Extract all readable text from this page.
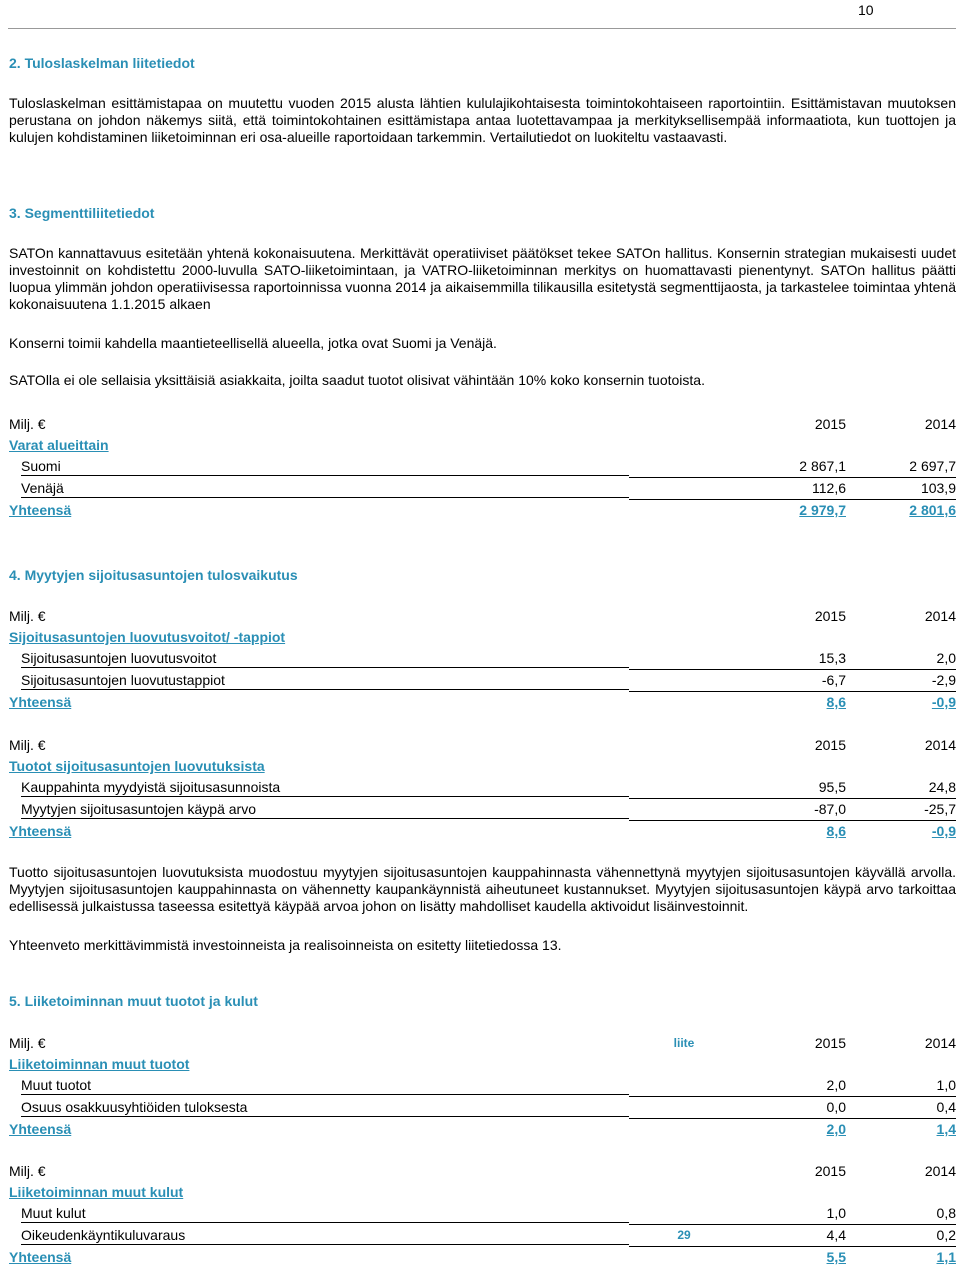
10
2. Tuloslaskelman liitetiedot

Tuloslaskelman esittämistapaa on muutettu vuoden 2015 alusta lähtien kululajikohtaisesta toimintokohtaiseen raportointiin. Esittämistavan muutoksen perustana on johdon näkemys siitä, että toimintokohtainen esittämistapa antaa luotettavampaa ja merkityksellisempää informaatiota, kun tuottojen ja kulujen kohdistaminen liiketoiminnan eri osa-alueille raportoidaan tarkemmin. Vertailutiedot on luokiteltu vastaavasti.

3. Segmenttiliitetiedot

SATOn kannattavuus esitetään yhtenä kokonaisuutena. Merkittävät operatiiviset päätökset tekee SATOn hallitus. Konsernin strategian mukaisesti uudet investoinnit on kohdistettu 2000-luvulla SATO-liiketoimintaan, ja VATRO-liiketoiminnan merkitys on huomattavasti pienentynyt. SATOn hallitus päätti luopua ylimmän johdon operatiivisessa raportoinnissa vuonna 2014 ja aikaisemmilla tilikausilla esitetystä segmenttijaosta, ja tarkastelee toimintaa yhtenä kokonaisuutena 1.1.2015 alkaen

Konserni toimii kahdella maantieteellisellä alueella, jotka ovat Suomi ja Venäjä.

SATOlla ei ole sellaisia yksittäisiä asiakkaita, joilta saadut tuotot olisivat vähintään 10% koko konsernin tuotoista.

Milj. €		2015	2014
Varat alueittain			

Suomi		2 867,1	2 697,7

Venäjä		112,6	103,9
Yhteensä		2 979,7	2 801,6
4. Myytyjen sijoitusasuntojen tulosvaikutus
Milj. €		2015	2014
Sijoitusasuntojen luovutusvoitot/ -tappiot			

Sijoitusasuntojen luovutusvoitot		15,3	2,0

Sijoitusasuntojen luovutustappiot		-6,7	-2,9
Yhteensä		8,6	-0,9
Milj. €		2015	2014
Tuotot sijoitusasuntojen luovutuksista			

Kauppahinta myydyistä sijoitusasunnoista		95,5	24,8

Myytyjen sijoitusasuntojen käypä arvo		-87,0	-25,7
Yhteensä		8,6	-0,9

Tuotto sijoitusasuntojen luovutuksista muodostuu myytyjen sijoitusasuntojen kauppahinnasta vähennettynä myytyjen sijoitusasuntojen käyvällä arvolla. Myytyjen sijoitusasuntojen kauppahinnasta on vähennetty kaupankäynnistä aiheutuneet kustannukset. Myytyjen sijoitusasuntojen käypä arvo tarkoittaa edellisessä julkaistussa taseessa esitettyä käypää arvoa johon on lisätty mahdolliset kaudella aktivoidut lisäinvestoinnit.

Yhteenveto merkittävimmistä investoinneista ja realisoinneista on esitetty liitetiedossa 13.

5. Liiketoiminnan muut tuotot ja kulut
Milj. €	liite	2015	2014
Liiketoiminnan muut tuotot			

Muut tuotot		2,0	1,0

Osuus osakkuusyhtiöiden tuloksesta		0,0	0,4
Yhteensä		2,0	1,4
Milj. €		2015	2014
Liiketoiminnan muut kulut			

Muut kulut		1,0	0,8

Oikeudenkäyntikuluvaraus	29	4,4	0,2
Yhteensä		5,5	1,1
